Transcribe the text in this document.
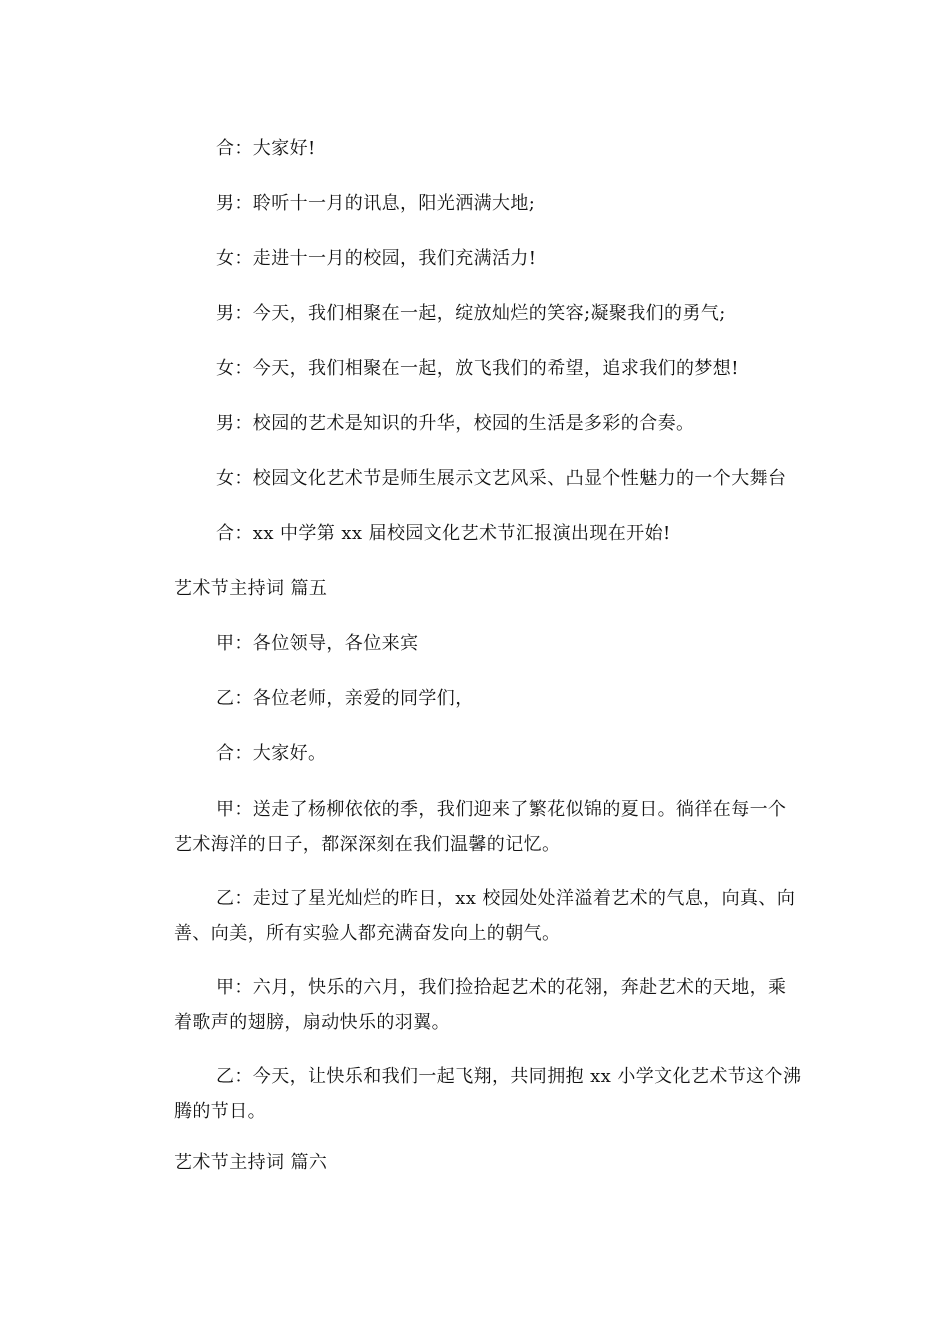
合：大家好!
男：聆听十一月的讯息，阳光洒满大地;
女：走进十一月的校园，我们充满活力!
男：今天，我们相聚在一起，绽放灿烂的笑容;凝聚我们的勇气;
女：今天，我们相聚在一起，放飞我们的希望，追求我们的梦想!
男：校园的艺术是知识的升华，校园的生活是多彩的合奏。
女：校园文化艺术节是师生展示文艺风采、凸显个性魅力的一个大舞台
合：xx 中学第 xx 届校园文化艺术节汇报演出现在开始!
艺术节主持词 篇五
甲：各位领导，各位来宾
乙：各位老师，亲爱的同学们，
合：大家好。
甲：送走了杨柳依依的季，我们迎来了繁花似锦的夏日。徜徉在每一个
艺术海洋的日子，都深深刻在我们温馨的记忆。
乙：走过了星光灿烂的昨日，xx 校园处处洋溢着艺术的气息，向真、向
善、向美，所有实验人都充满奋发向上的朝气。
甲：六月，快乐的六月，我们捡拾起艺术的花翎，奔赴艺术的天地，乘
着歌声的翅膀，扇动快乐的羽翼。
乙：今天，让快乐和我们一起飞翔，共同拥抱 xx 小学文化艺术节这个沸
腾的节日。
艺术节主持词 篇六
